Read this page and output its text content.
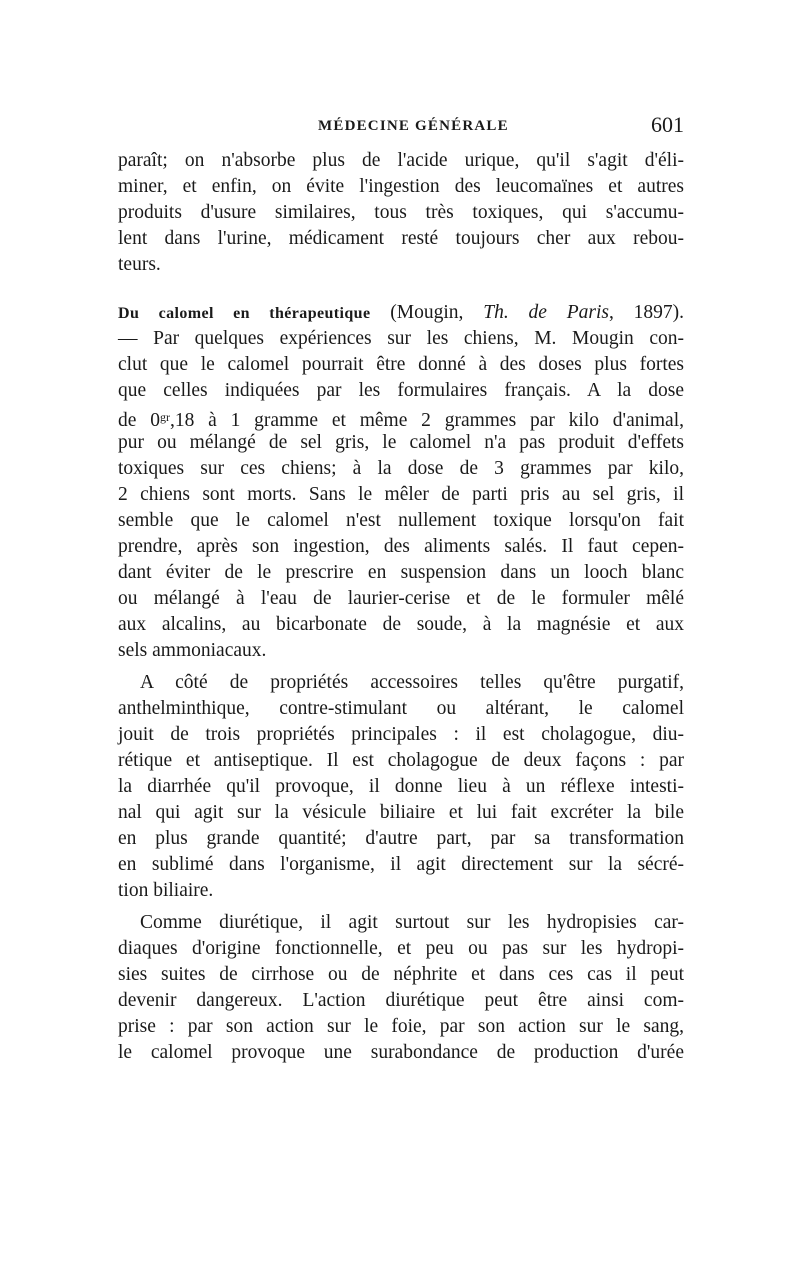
MÉDECINE GÉNÉRALE	601
paraît; on n'absorbe plus de l'acide urique, qu'il s'agit d'éli-
miner, et enfin, on évite l'ingestion des leucomaïnes et autres
produits d'usure similaires, tous très toxiques, qui s'accumu-
lent dans l'urine, médicament resté toujours cher aux rebou-
teurs.
Du calomel en thérapeutique (Mougin, Th. de Paris, 1897).
— Par quelques expériences sur les chiens, M. Mougin con-
clut que le calomel pourrait être donné à des doses plus fortes
que celles indiquées par les formulaires français. A la dose
de $0^{gr},18$ à 1 gramme et même 2 grammes par kilo d'animal,
pur ou mélangé de sel gris, le calomel n'a pas produit d'effets
toxiques sur ces chiens; à la dose de 3 grammes par kilo,
2 chiens sont morts. Sans le mêler de parti pris au sel gris, il
semble que le calomel n'est nullement toxique lorsqu'on fait
prendre, après son ingestion, des aliments salés. Il faut cepen-
dant éviter de le prescrire en suspension dans un looch blanc
ou mélangé à l'eau de laurier-cerise et de le formuler mêlé
aux alcalins, au bicarbonate de soude, à la magnésie et aux
sels ammoniacaux.
A côté de propriétés accessoires telles qu'être purgatif,
anthelminthique, contre-stimulant ou altérant, le calomel
jouit de trois propriétés principales : il est cholagogue, diu-
rétique et antiseptique. Il est cholagogue de deux façons : par
la diarrhée qu'il provoque, il donne lieu à un réflexe intesti-
nal qui agit sur la vésicule biliaire et lui fait excréter la bile
en plus grande quantité; d'autre part, par sa transformation
en sublimé dans l'organisme, il agit directement sur la sécré-
tion biliaire.
Comme diurétique, il agit surtout sur les hydropisies car-
diaques d'origine fonctionnelle, et peu ou pas sur les hydropi-
sies suites de cirrhose ou de néphrite et dans ces cas il peut
devenir dangereux. L'action diurétique peut être ainsi com-
prise : par son action sur le foie, par son action sur le sang,
le calomel provoque une surabondance de production d'urée
